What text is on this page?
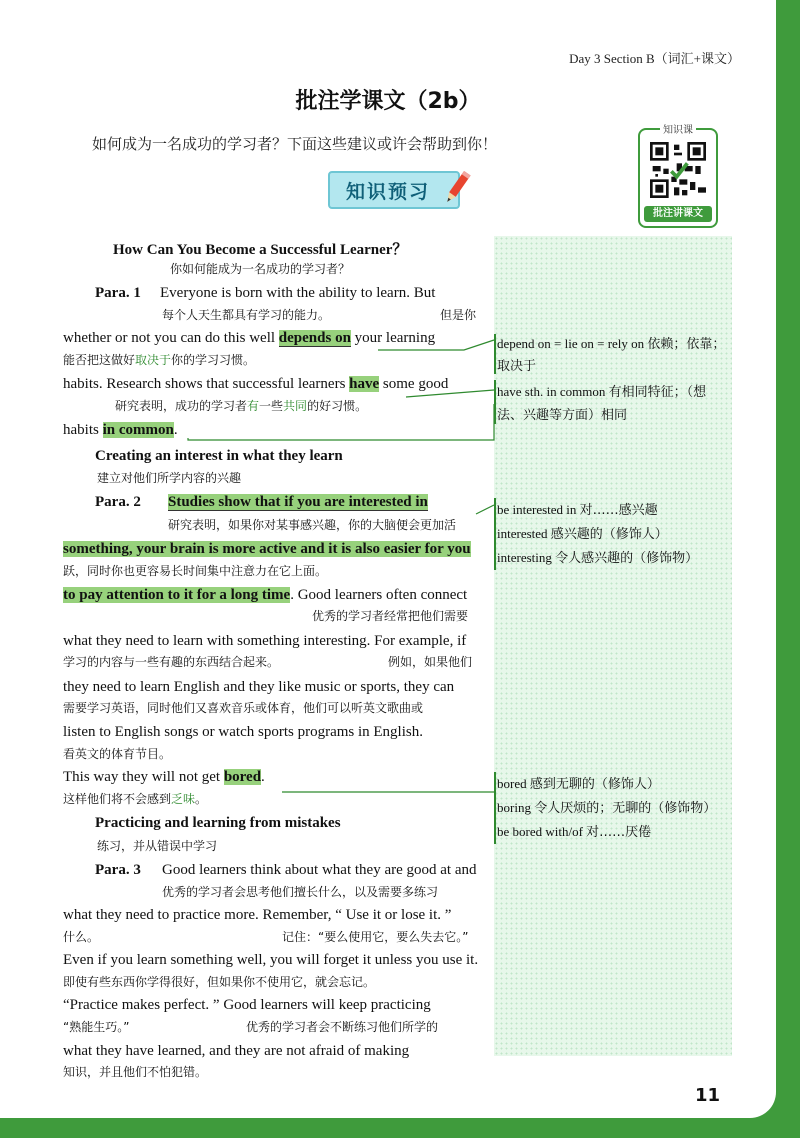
Day 3 Section B（词汇+课文）
批注学课文（2b）
如何成为一名成功的学习者？下面这些建议或许会帮助到你！
知识课
批注讲课文
知识预习
depend on = lie on = rely on 依赖；依靠；
取决于
have sth. in common 有相同特征；（想
法、兴趣等方面）相同
be interested in 对……感兴趣
interested 感兴趣的（修饰人）
interesting 令人感兴趣的（修饰物）
bored 感到无聊的（修饰人）
boring 令人厌烦的；无聊的（修饰物）
be bored with/of 对……厌倦
How Can You Become a Successful Learner？
你如何能成为一名成功的学习者？
Para. 1 Everyone is born with the ability to learn. But
每个人天生都具有学习的能力。	但是你
whether or not you can do this well depends on your learning
能否把这做好取决于你的学习习惯。
habits. Research shows that successful learners have some good
研究表明，成功的学习者有一些共同的好习惯。
habits in common.
Creating an interest in what they learn
建立对他们所学内容的兴趣
Para. 2 Studies show that if you are interested in
研究表明，如果你对某事感兴趣，你的大脑便会更加活
something, your brain is more active and it is also easier for you
跃，同时你也更容易长时间集中注意力在它上面。
to pay attention to it for a long time. Good learners often connect
优秀的学习者经常把他们需要
what they need to learn with something interesting. For example, if
学习的内容与一些有趣的东西结合起来。	例如，如果他们
they need to learn English and they like music or sports, they can
需要学习英语，同时他们又喜欢音乐或体育，他们可以听英文歌曲或
listen to English songs or watch sports programs in English.
看英文的体育节目。
This way they will not get bored.
这样他们将不会感到乏味。
Practicing and learning from mistakes
练习，并从错误中学习
Para. 3 Good learners think about what they are good at and
优秀的学习者会思考他们擅长什么，以及需要多练习
what they need to practice more. Remember, “ Use it or lose it. ”
什么。	记住：“要么使用它，要么失去它。”
Even if you learn something well, you will forget it unless you use it.
即使有些东西你学得很好，但如果你不使用它，就会忘记。
“Practice makes perfect. ” Good learners will keep practicing
“熟能生巧。”	优秀的学习者会不断练习他们所学的
what they have learned, and they are not afraid of making
知识，并且他们不怕犯错。
11
